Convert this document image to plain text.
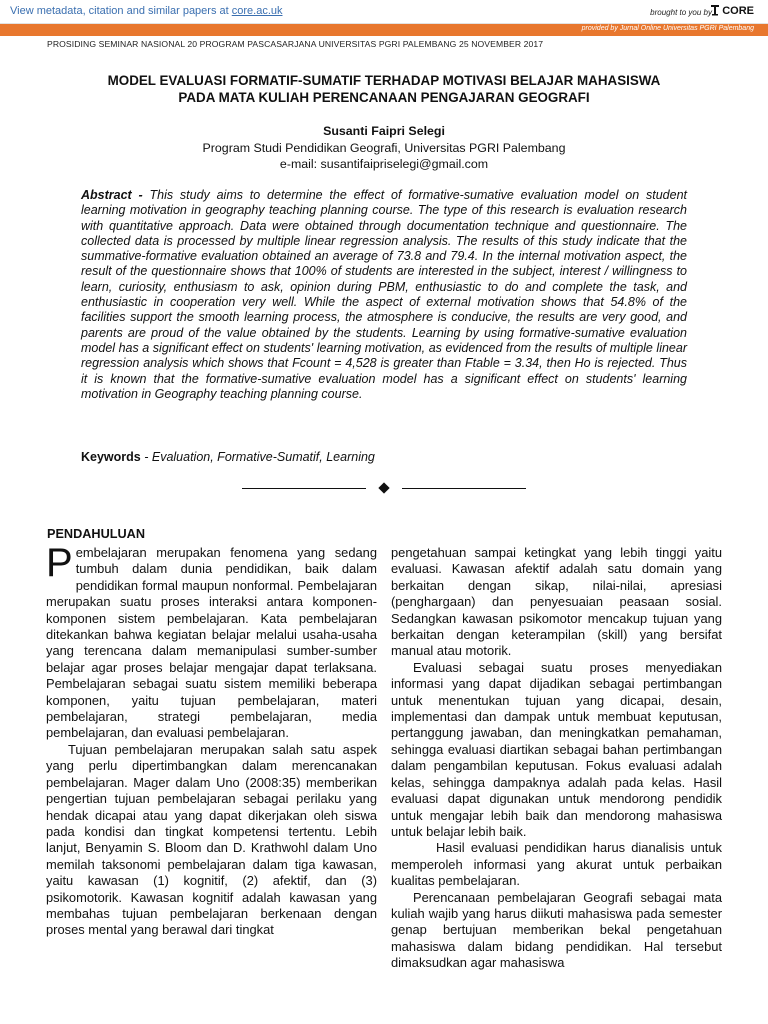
View metadata, citation and similar papers at core.ac.uk	brought to you by CORE
provided by Jurnal Online Universitas PGRI Palembang
PROSIDING SEMINAR NASIONAL 20 PROGRAM PASCASARJANA UNIVERSITAS PGRI PALEMBANG 25 NOVEMBER 2017
MODEL EVALUASI FORMATIF-SUMATIF TERHADAP MOTIVASI BELAJAR MAHASISWA
PADA MATA KULIAH PERENCANAAN PENGAJARAN GEOGRAFI
Susanti Faipri Selegi
Program Studi Pendidikan Geografi, Universitas PGRI Palembang
e-mail: susantifaipriselegi@gmail.com
Abstract - This study aims to determine the effect of formative-sumative evaluation model on student learning motivation in geography teaching planning course. The type of this research is evaluation research with quantitative approach. Data were obtained through documentation technique and questionnaire. The collected data is processed by multiple linear regression analysis. The results of this study indicate that the summative-formative evaluation obtained an average of 73.8 and 79.4. In the internal motivation aspect, the result of the questionnaire shows that 100% of students are interested in the subject, interest / willingness to learn, curiosity, enthusiasm to ask, opinion during PBM, enthusiastic to do and complete the task, and enthusiastic in cooperation very well. While the aspect of external motivation shows that 54.8% of the facilities support the smooth learning process, the atmosphere is conducive, the results are very good, and parents are proud of the value obtained by the students. Learning by using formative-sumative evaluation model has a significant effect on students' learning motivation, as evidenced from the results of multiple linear regression analysis which shows that Fcount = 4,528 is greater than Ftable = 3.34, then Ho is rejected. Thus it is known that the formative-sumative evaluation model has a significant effect on students' learning motivation in Geography teaching planning course.
Keywords - Evaluation, Formative-Sumatif, Learning
PENDAHULUAN

Pembelajaran merupakan fenomena yang sedang tumbuh dalam dunia pendidikan, baik dalam pendidikan formal maupun nonformal. Pembelajaran merupakan suatu proses interaksi antara komponen-komponen sistem pembelajaran. Kata pembelajaran ditekankan bahwa kegiatan belajar melalui usaha-usaha yang terencana dalam memanipulasi sumber-sumber belajar agar proses belajar mengajar dapat terlaksana. Pembelajaran sebagai suatu sistem memiliki beberapa komponen, yaitu tujuan pembelajaran, materi pembelajaran, strategi pembelajaran, media pembelajaran, dan evaluasi pembelajaran.

Tujuan pembelajaran merupakan salah satu aspek yang perlu dipertimbangkan dalam merencanakan pembelajaran. Mager dalam Uno (2008:35) memberikan pengertian tujuan pembelajaran sebagai perilaku yang hendak dicapai atau yang dapat dikerjakan oleh siswa pada kondisi dan tingkat kompetensi tertentu. Lebih lanjut, Benyamin S. Bloom dan D. Krathwohl dalam Uno memilah taksonomi pembelajaran dalam tiga kawasan, yaitu kawasan (1) kognitif, (2) afektif, dan (3) psikomotorik. Kawasan kognitif adalah kawasan yang membahas tujuan pembelajaran berkenaan dengan proses mental yang berawal dari tingkat

pengetahuan sampai ketingkat yang lebih tinggi yaitu evaluasi. Kawasan afektif adalah satu domain yang berkaitan dengan sikap, nilai-nilai, apresiasi (penghargaan) dan penyesuaian peasaan sosial. Sedangkan kawasan psikomotor mencakup tujuan yang berkaitan dengan keterampilan (skill) yang bersifat manual atau motorik.

Evaluasi sebagai suatu proses menyediakan informasi yang dapat dijadikan sebagai pertimbangan untuk menentukan tujuan yang dicapai, desain, implementasi dan dampak untuk membuat keputusan, pertanggung jawaban, dan meningkatkan pemahaman, sehingga evaluasi diartikan sebagai bahan pertimbangan dalam pengambilan keputusan. Fokus evaluasi adalah kelas, sehingga dampaknya adalah pada kelas. Hasil evaluasi dapat digunakan untuk mendorong pendidik untuk mengajar lebih baik dan mendorong mahasiswa untuk belajar lebih baik.

Hasil evaluasi pendidikan harus dianalisis untuk memperoleh informasi yang akurat untuk perbaikan kualitas pembelajaran.

Perencanaan pembelajaran Geografi sebagai mata kuliah wajib yang harus diikuti mahasiswa pada semester genap bertujuan memberikan bekal pengetahuan mahasiswa dalam bidang pendidikan. Hal tersebut dimaksudkan agar mahasiswa
